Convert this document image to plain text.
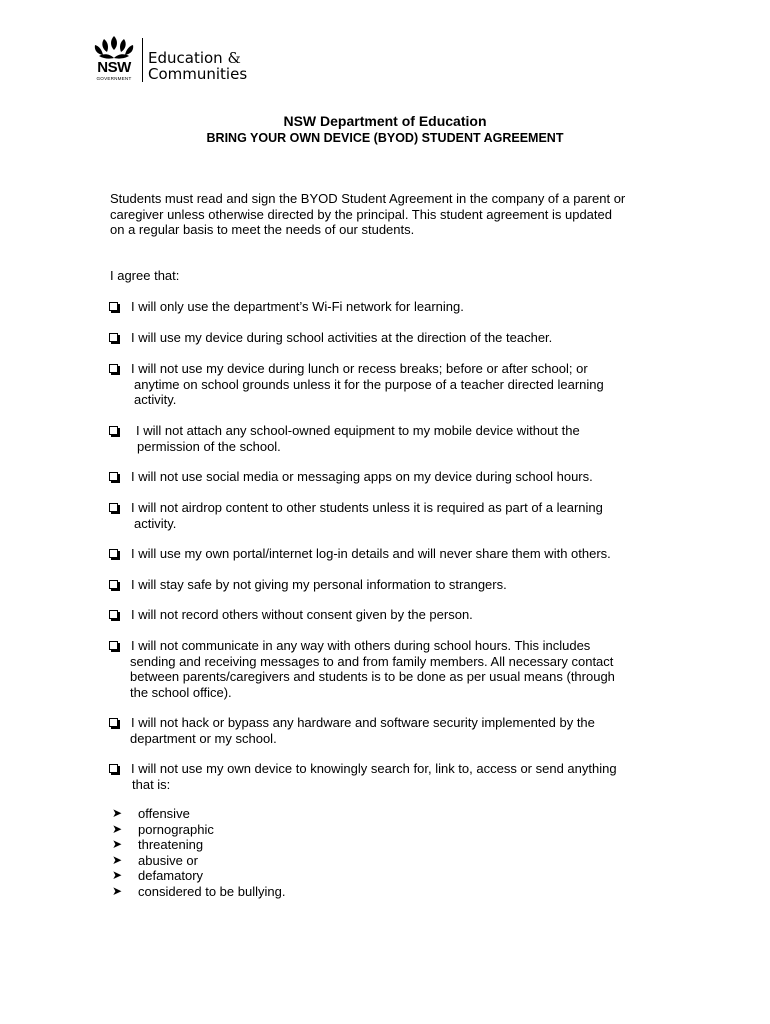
NSW
GOVERNMENT
Education &
Communities
NSW Department of Education
BRING YOUR OWN DEVICE (BYOD) STUDENT AGREEMENT
Students must read and sign the BYOD Student Agreement in the company of a parent or
caregiver unless otherwise directed by the principal. This student agreement is updated
on a regular basis to meet the needs of our students.
I agree that:
I will only use the department’s Wi-Fi network for learning.
I will use my device during school activities at the direction of the teacher.
I will not use my device during lunch or recess breaks; before or after school; or
anytime on school grounds unless it for the purpose of a teacher directed learning
activity.
I will not attach any school-owned equipment to my mobile device without the
permission of the school.
I will not use social media or messaging apps on my device during school hours.
I will not airdrop content to other students unless it is required as part of a learning
activity.
I will use my own portal/internet log-in details and will never share them with others.
I will stay safe by not giving my personal information to strangers.
I will not record others without consent given by the person.
I will not communicate in any way with others during school hours. This includes
sending and receiving messages to and from family members. All necessary contact
between parents/caregivers and students is to be done as per usual means (through
the school office).
I will not hack or bypass any hardware and software security implemented by the
department or my school.
I will not use my own device to knowingly search for, link to, access or send anything
that is:
➤ offensive
➤ pornographic
➤ threatening
➤ abusive or
➤ defamatory
➤ considered to be bullying.
